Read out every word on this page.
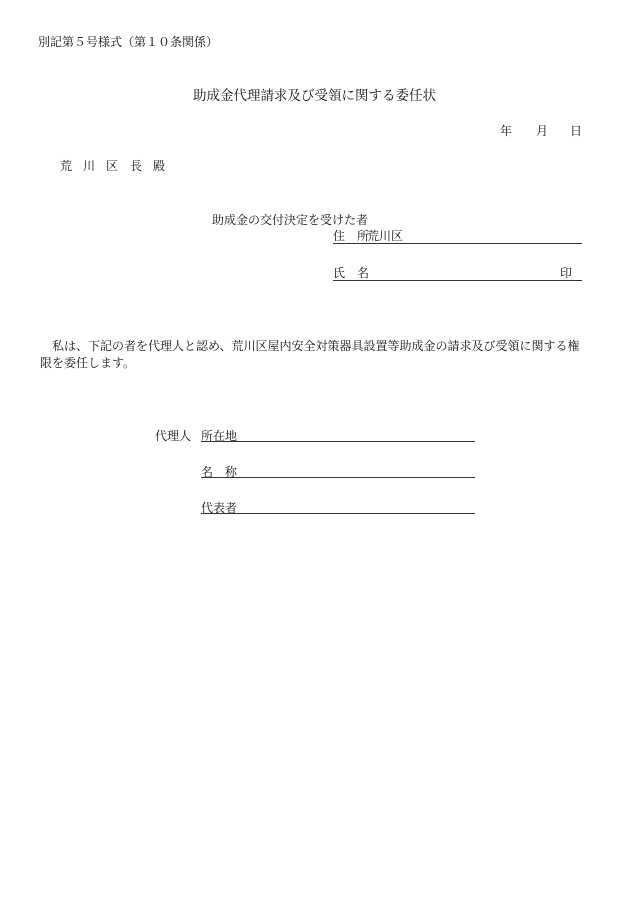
別記第５号様式（第１０条関係）
助成金代理請求及び受領に関する委任状
年 月 日
荒 川 区 長 殿
助成金の交付決定を受けた者
住　所
荒川区
氏　名	印
私は、下記の者を代理人と認め、荒川区屋内安全対策器具設置等助成金の請求及び受領に関する権
限を委任します。
代理人 所在地
名　称
代表者
